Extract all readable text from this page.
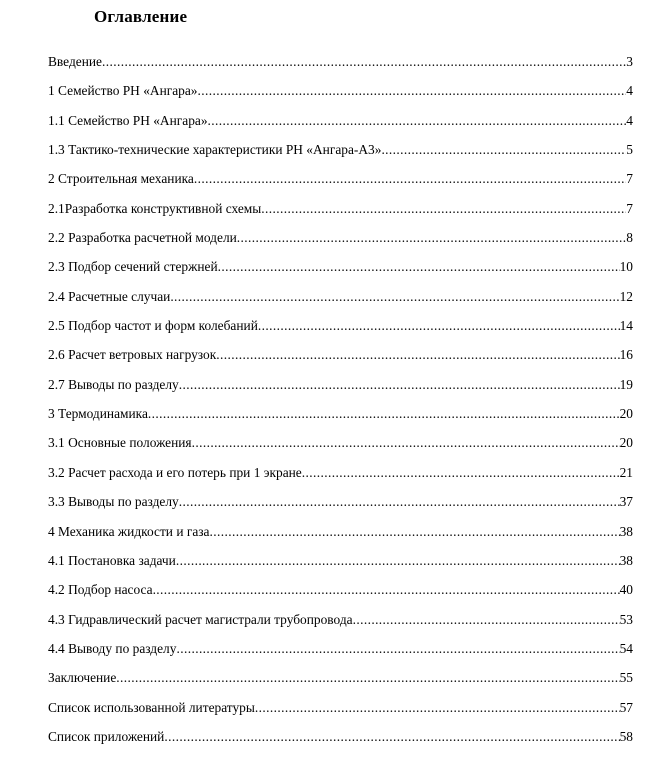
Оглавление
Введение .....	3
1 Семейство РН «Ангара» .....	4
1.1 Семейство РН «Ангара» .....	4
1.3 Тактико-технические характеристики РН «Ангара-А3» .....	5
2 Строительная механика .....	7
2.1Разработка конструктивной схемы .....	7
2.2 Разработка расчетной модели .....	8
2.3 Подбор сечений стержней .....	10
2.4 Расчетные случаи .....	12
2.5 Подбор частот и форм колебаний .....	14
2.6 Расчет ветровых нагрузок .....	16
2.7 Выводы по разделу .....	19
3 Термодинамика .....	20
3.1 Основные положения .....	20
3.2 Расчет расхода и его потерь при 1 экране .....	21
3.3 Выводы по разделу .....	37
4 Механика жидкости и газа .....	38
4.1 Постановка задачи .....	38
4.2 Подбор насоса .....	40
4.3 Гидравлический расчет магистрали трубопровода .....	53
4.4 Выводу по разделу .....	54
Заключение .....	55
Список использованной литературы .....	57
Список приложений .....	58
